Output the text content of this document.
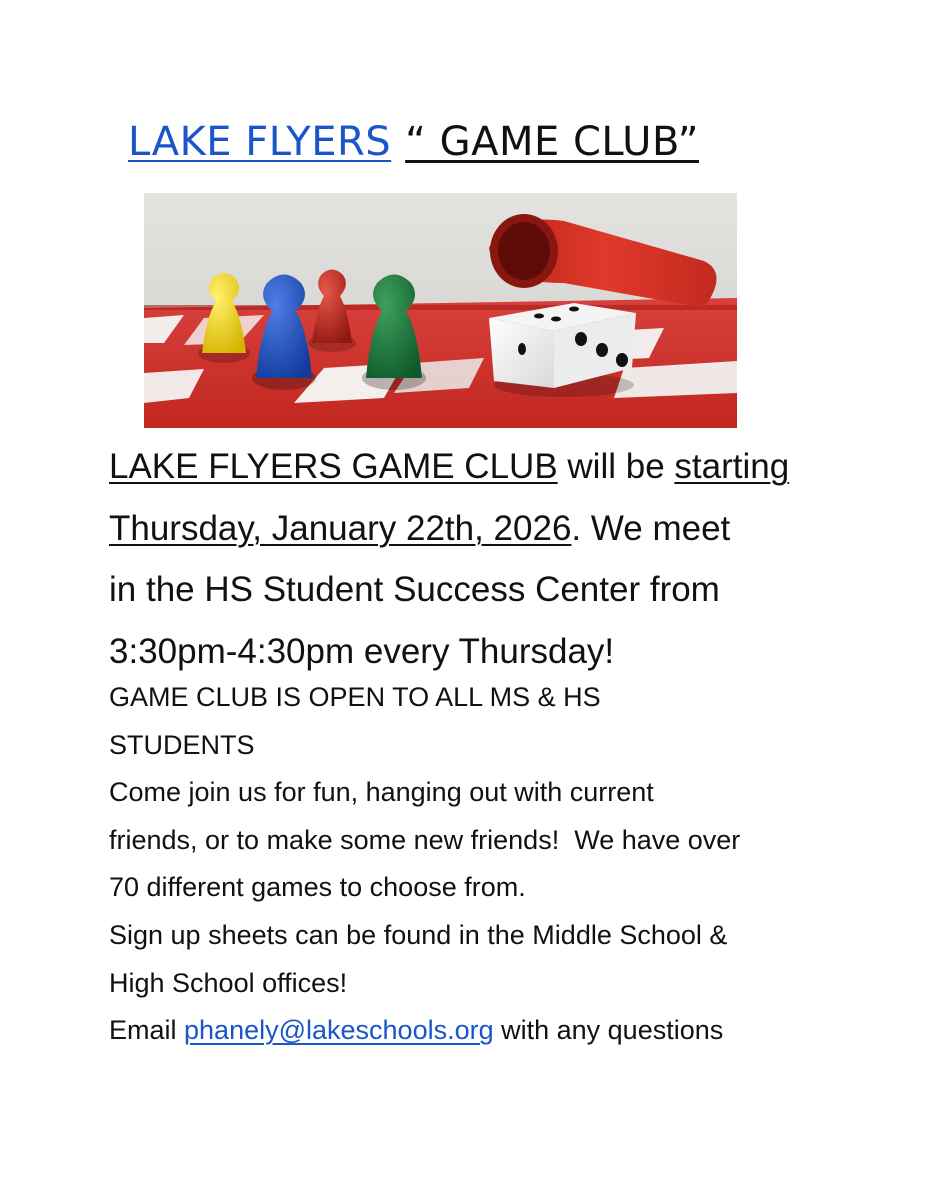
LAKE FLYERS “ GAME CLUB”
LAKE FLYERS GAME CLUB will be starting
Thursday, January 22th, 2026. We meet
in the HS Student Success Center from
3:30pm-4:30pm every Thursday!
GAME CLUB IS OPEN TO ALL MS & HS
STUDENTS
Come join us for fun, hanging out with current
friends, or to make some new friends!  We have over
70 different games to choose from.
Sign up sheets can be found in the Middle School &
High School offices!
Email phanely@lakeschools.org with any questions
